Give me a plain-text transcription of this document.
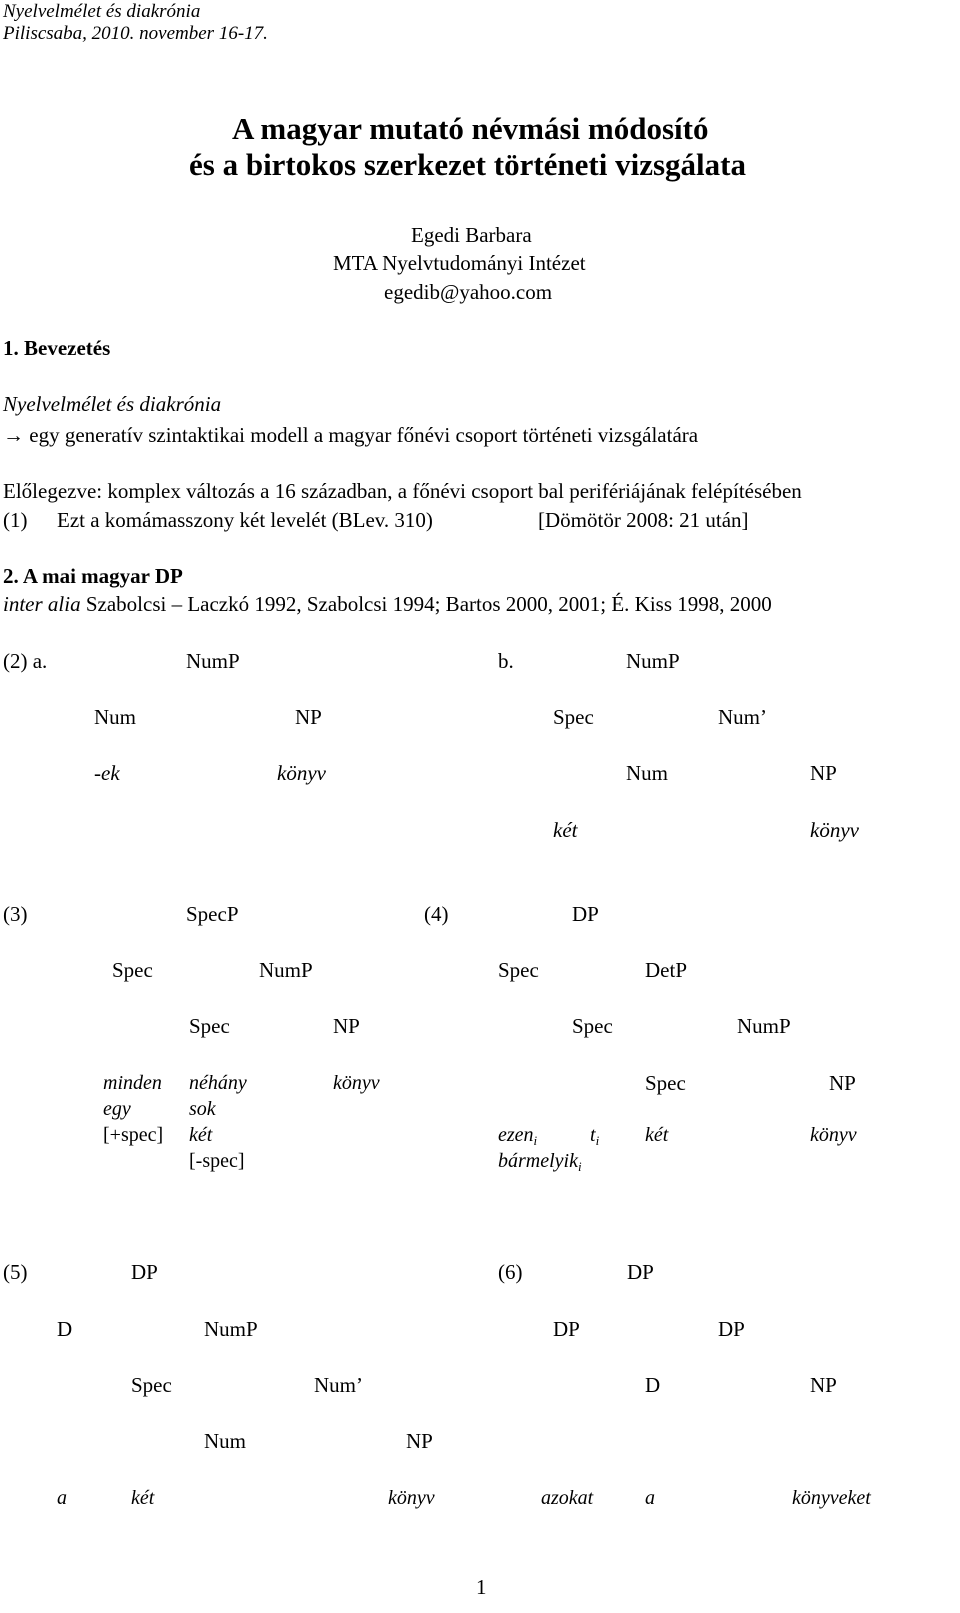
Nyelvelmélet és diakrónia
Piliscsaba, 2010. november 16-17.
A magyar mutató névmási módosító
és a birtokos szerkezet történeti vizsgálata
Egedi Barbara
MTA Nyelvtudományi Intézet
egedib@yahoo.com
1. Bevezetés
Nyelvelmélet és diakrónia
→ egy generatív szintaktikai modell a magyar főnévi csoport történeti vizsgálatára
Előlegezve: komplex változás a 16 században, a főnévi csoport bal perifériájának felépítésében
(1) Ezt a komámasszony két levelét (BLev. 310)	[Dömötör 2008: 21 után]
2. A mai magyar DP
inter alia Szabolcsi – Laczkó 1992, Szabolcsi 1994; Bartos 2000, 2001; É. Kiss 1998, 2000
(2) a.	NumP	b.	NumP
Num	NP	Spec	Num’
-ek	könyv	Num	NP
két	könyv
(3)	SpecP	(4)	DP
Spec	NumP	Spec	DetP
Spec	NP	Spec	NumP
minden néhány	könyv	Spec	NP
egy	sok
[+spec] két	ezen$_i$	$t_i$ két	könyv
[-spec]	bármelyik$_i$
(5)	DP	(6)	DP
D	NumP	DP	DP
Spec	Num’	D	NP
Num	NP
a	két	könyv	azokat	a	könyveket
1
